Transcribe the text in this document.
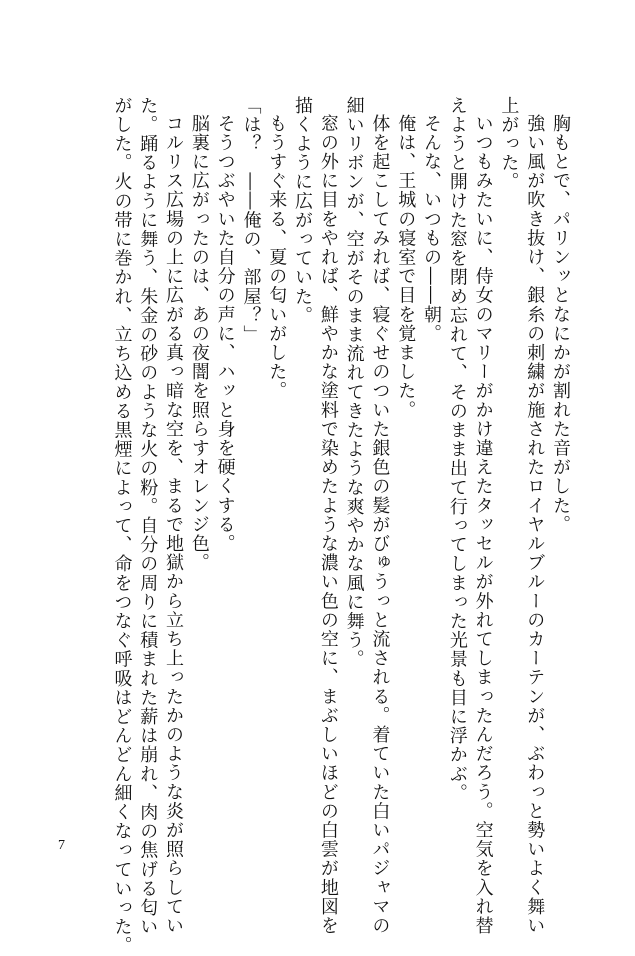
胸もとで、パリンッとなにかが割れた音がした。
強い風が吹き抜け、銀糸の刺繍が施されたロイヤルブルーのカーテンが、ぶわっと勢いよく舞い
上がった。
いつもみたいに、侍女のマリーがかけ違えたタッセルが外れてしまったんだろう。空気を入れ替
えようと開けた窓を閉め忘れて、そのまま出て行ってしまった光景も目に浮かぶ。
そんな、いつもの――朝。
俺は、王城の寝室で目を覚ました。
体を起こしてみれば、寝ぐせのついた銀色の髪がびゅうっと流される。着ていた白いパジャマの
細いリボンが、空がそのまま流れてきたような爽やかな風に舞う。
窓の外に目をやれば、鮮やかな塗料で染めたような濃い色の空に、まぶしいほどの白雲が地図を
描くように広がっていた。
もうすぐ来る、夏の匂いがした。
「は？　――俺の、部屋？」
そうつぶやいた自分の声に、ハッと身を硬くする。
脳裏に広がったのは、あの夜闇を照らすオレンジ色。
コルリス広場の上に広がる真っ暗な空を、まるで地獄から立ち上ったかのような炎が照らしてい
た。踊るように舞う、朱金の砂のような火の粉。自分の周りに積まれた薪は崩れ、肉の焦げる匂い
がした。火の帯に巻かれ、立ち込める黒煙によって、命をつなぐ呼吸はどんどん細くなっていった。
7
